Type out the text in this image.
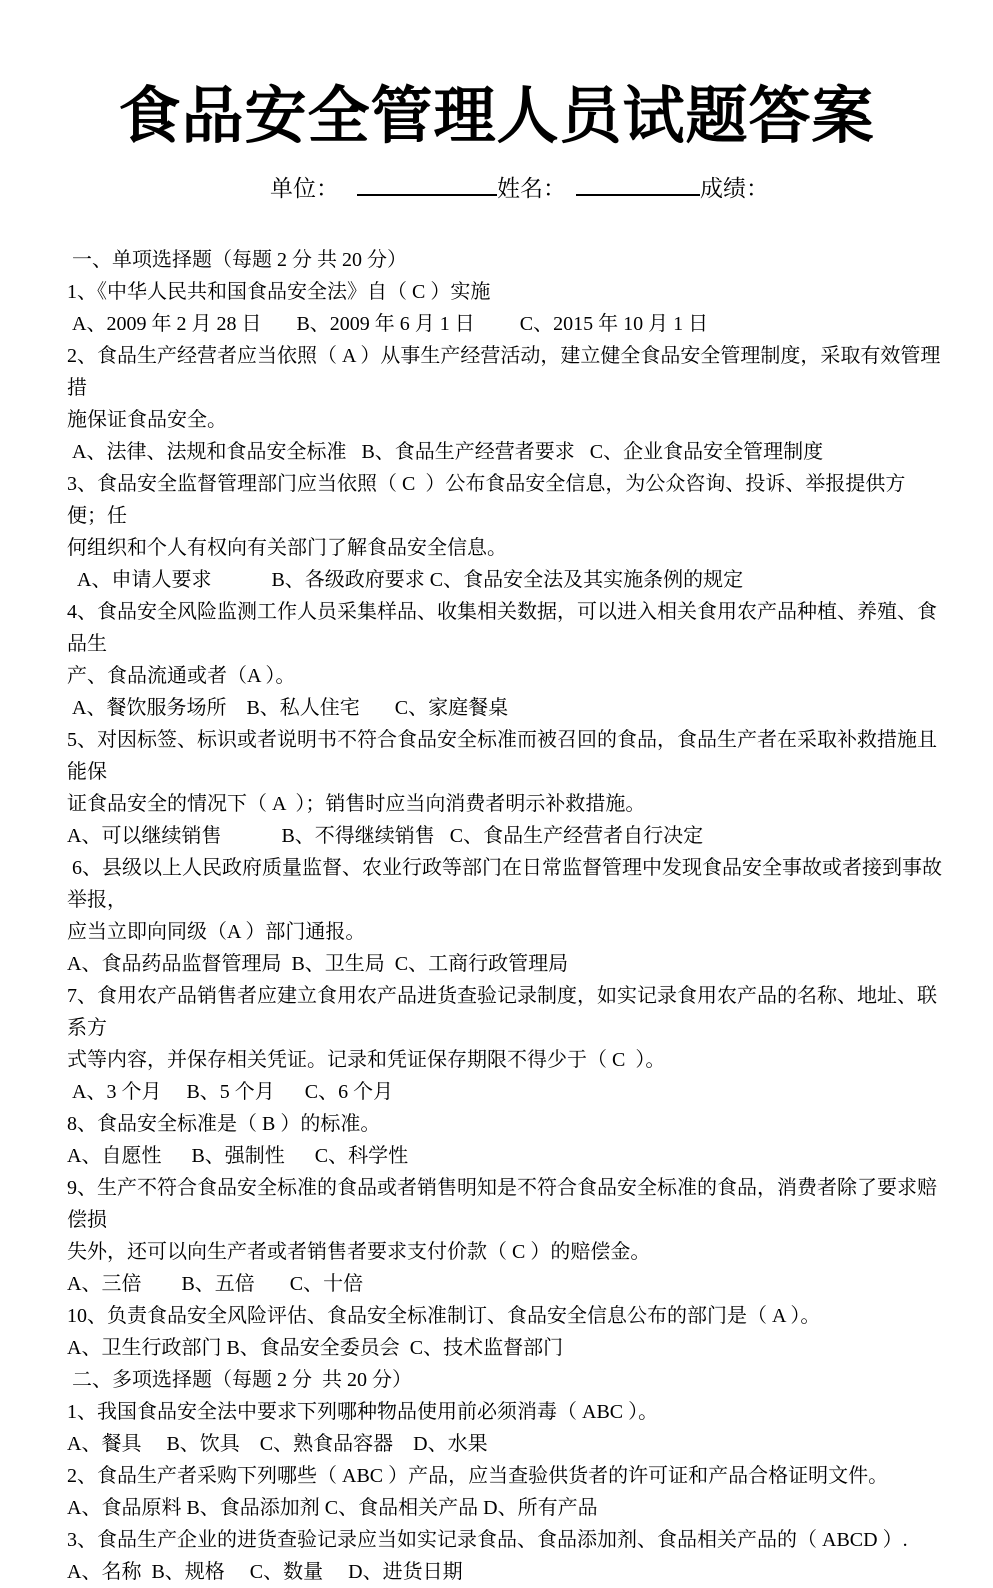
食品安全管理人员试题答案
单位：	姓名：	成绩：
一、单项选择题（每题 2 分 共 20 分）
1、《中华人民共和国食品安全法》自（ C ）实施
A、2009 年 2 月 28 日       B、2009 年 6 月 1 日         C、2015 年 10 月 1 日
2、食品生产经营者应当依照（ A ）从事生产经营活动，建立健全食品安全管理制度，采取有效管理措
施保证食品安全。
A、法律、法规和食品安全标准   B、食品生产经营者要求   C、企业食品安全管理制度
3、食品安全监督管理部门应当依照（ C  ）公布食品安全信息，为公众咨询、投诉、举报提供方便；任
何组织和个人有权向有关部门了解食品安全信息。
A、申请人要求            B、各级政府要求 C、食品安全法及其实施条例的规定
4、食品安全风险监测工作人员采集样品、收集相关数据，可以进入相关食用农产品种植、养殖、食品生
产、食品流通或者（A ）。
A、餐饮服务场所    B、私人住宅       C、家庭餐桌
5、对因标签、标识或者说明书不符合食品安全标准而被召回的食品，食品生产者在采取补救措施且能保
证食品安全的情况下（ A  ）；销售时应当向消费者明示补救措施。
A、可以继续销售            B、不得继续销售   C、食品生产经营者自行决定
6、县级以上人民政府质量监督、农业行政等部门在日常监督管理中发现食品安全事故或者接到事故举报，
应当立即向同级（A ）部门通报。
A、食品药品监督管理局  B、卫生局  C、工商行政管理局
7、食用农产品销售者应建立食用农产品进货查验记录制度，如实记录食用农产品的名称、地址、联系方
式等内容，并保存相关凭证。记录和凭证保存期限不得少于（ C  ）。
A、3 个月     B、5 个月      C、6 个月
8、食品安全标准是（ B ）的标准。
A、自愿性      B、强制性      C、科学性
9、生产不符合食品安全标准的食品或者销售明知是不符合食品安全标准的食品，消费者除了要求赔偿损
失外，还可以向生产者或者销售者要求支付价款（ C ）的赔偿金。
A、三倍        B、五倍       C、十倍
10、负责食品安全风险评估、食品安全标准制订、食品安全信息公布的部门是（ A ）。
A、卫生行政部门 B、食品安全委员会  C、技术监督部门
二、多项选择题（每题 2 分  共 20 分）
1、我国食品安全法中要求下列哪种物品使用前必须消毒（ ABC ）。
A、餐具     B、饮具    C、熟食品容器    D、水果
2、食品生产者采购下列哪些（ ABC ）产品，应当查验供货者的许可证和产品合格证明文件。
A、食品原料 B、食品添加剂 C、食品相关产品 D、所有产品
3、食品生产企业的进货查验记录应当如实记录食品、食品添加剂、食品相关产品的（ ABCD ）.
A、名称  B、规格     C、数量     D、进货日期
